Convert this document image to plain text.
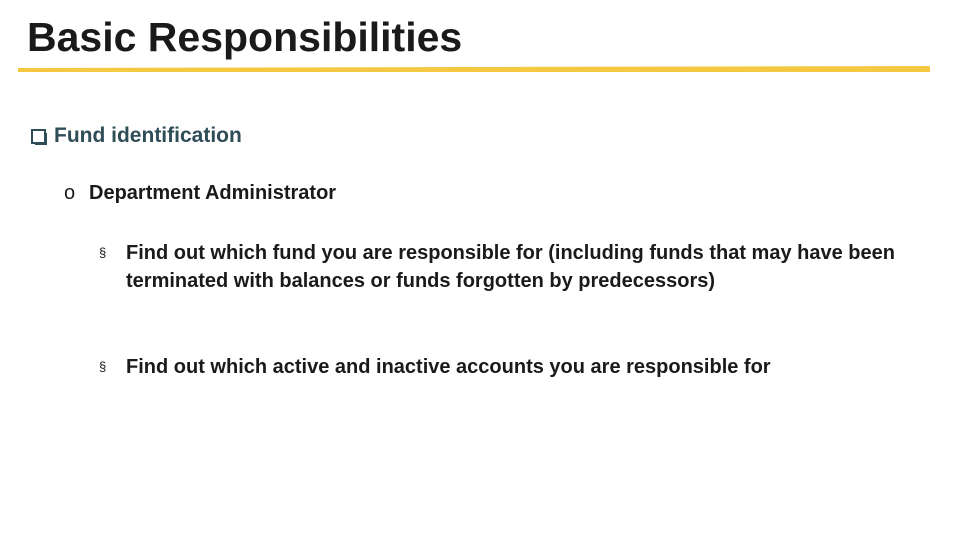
Basic Responsibilities
Fund identification
o Department Administrator
§ Find out which fund you are responsible for (including funds that may have been terminated with balances or funds forgotten by predecessors)
§ Find out which active and inactive accounts you are responsible for
